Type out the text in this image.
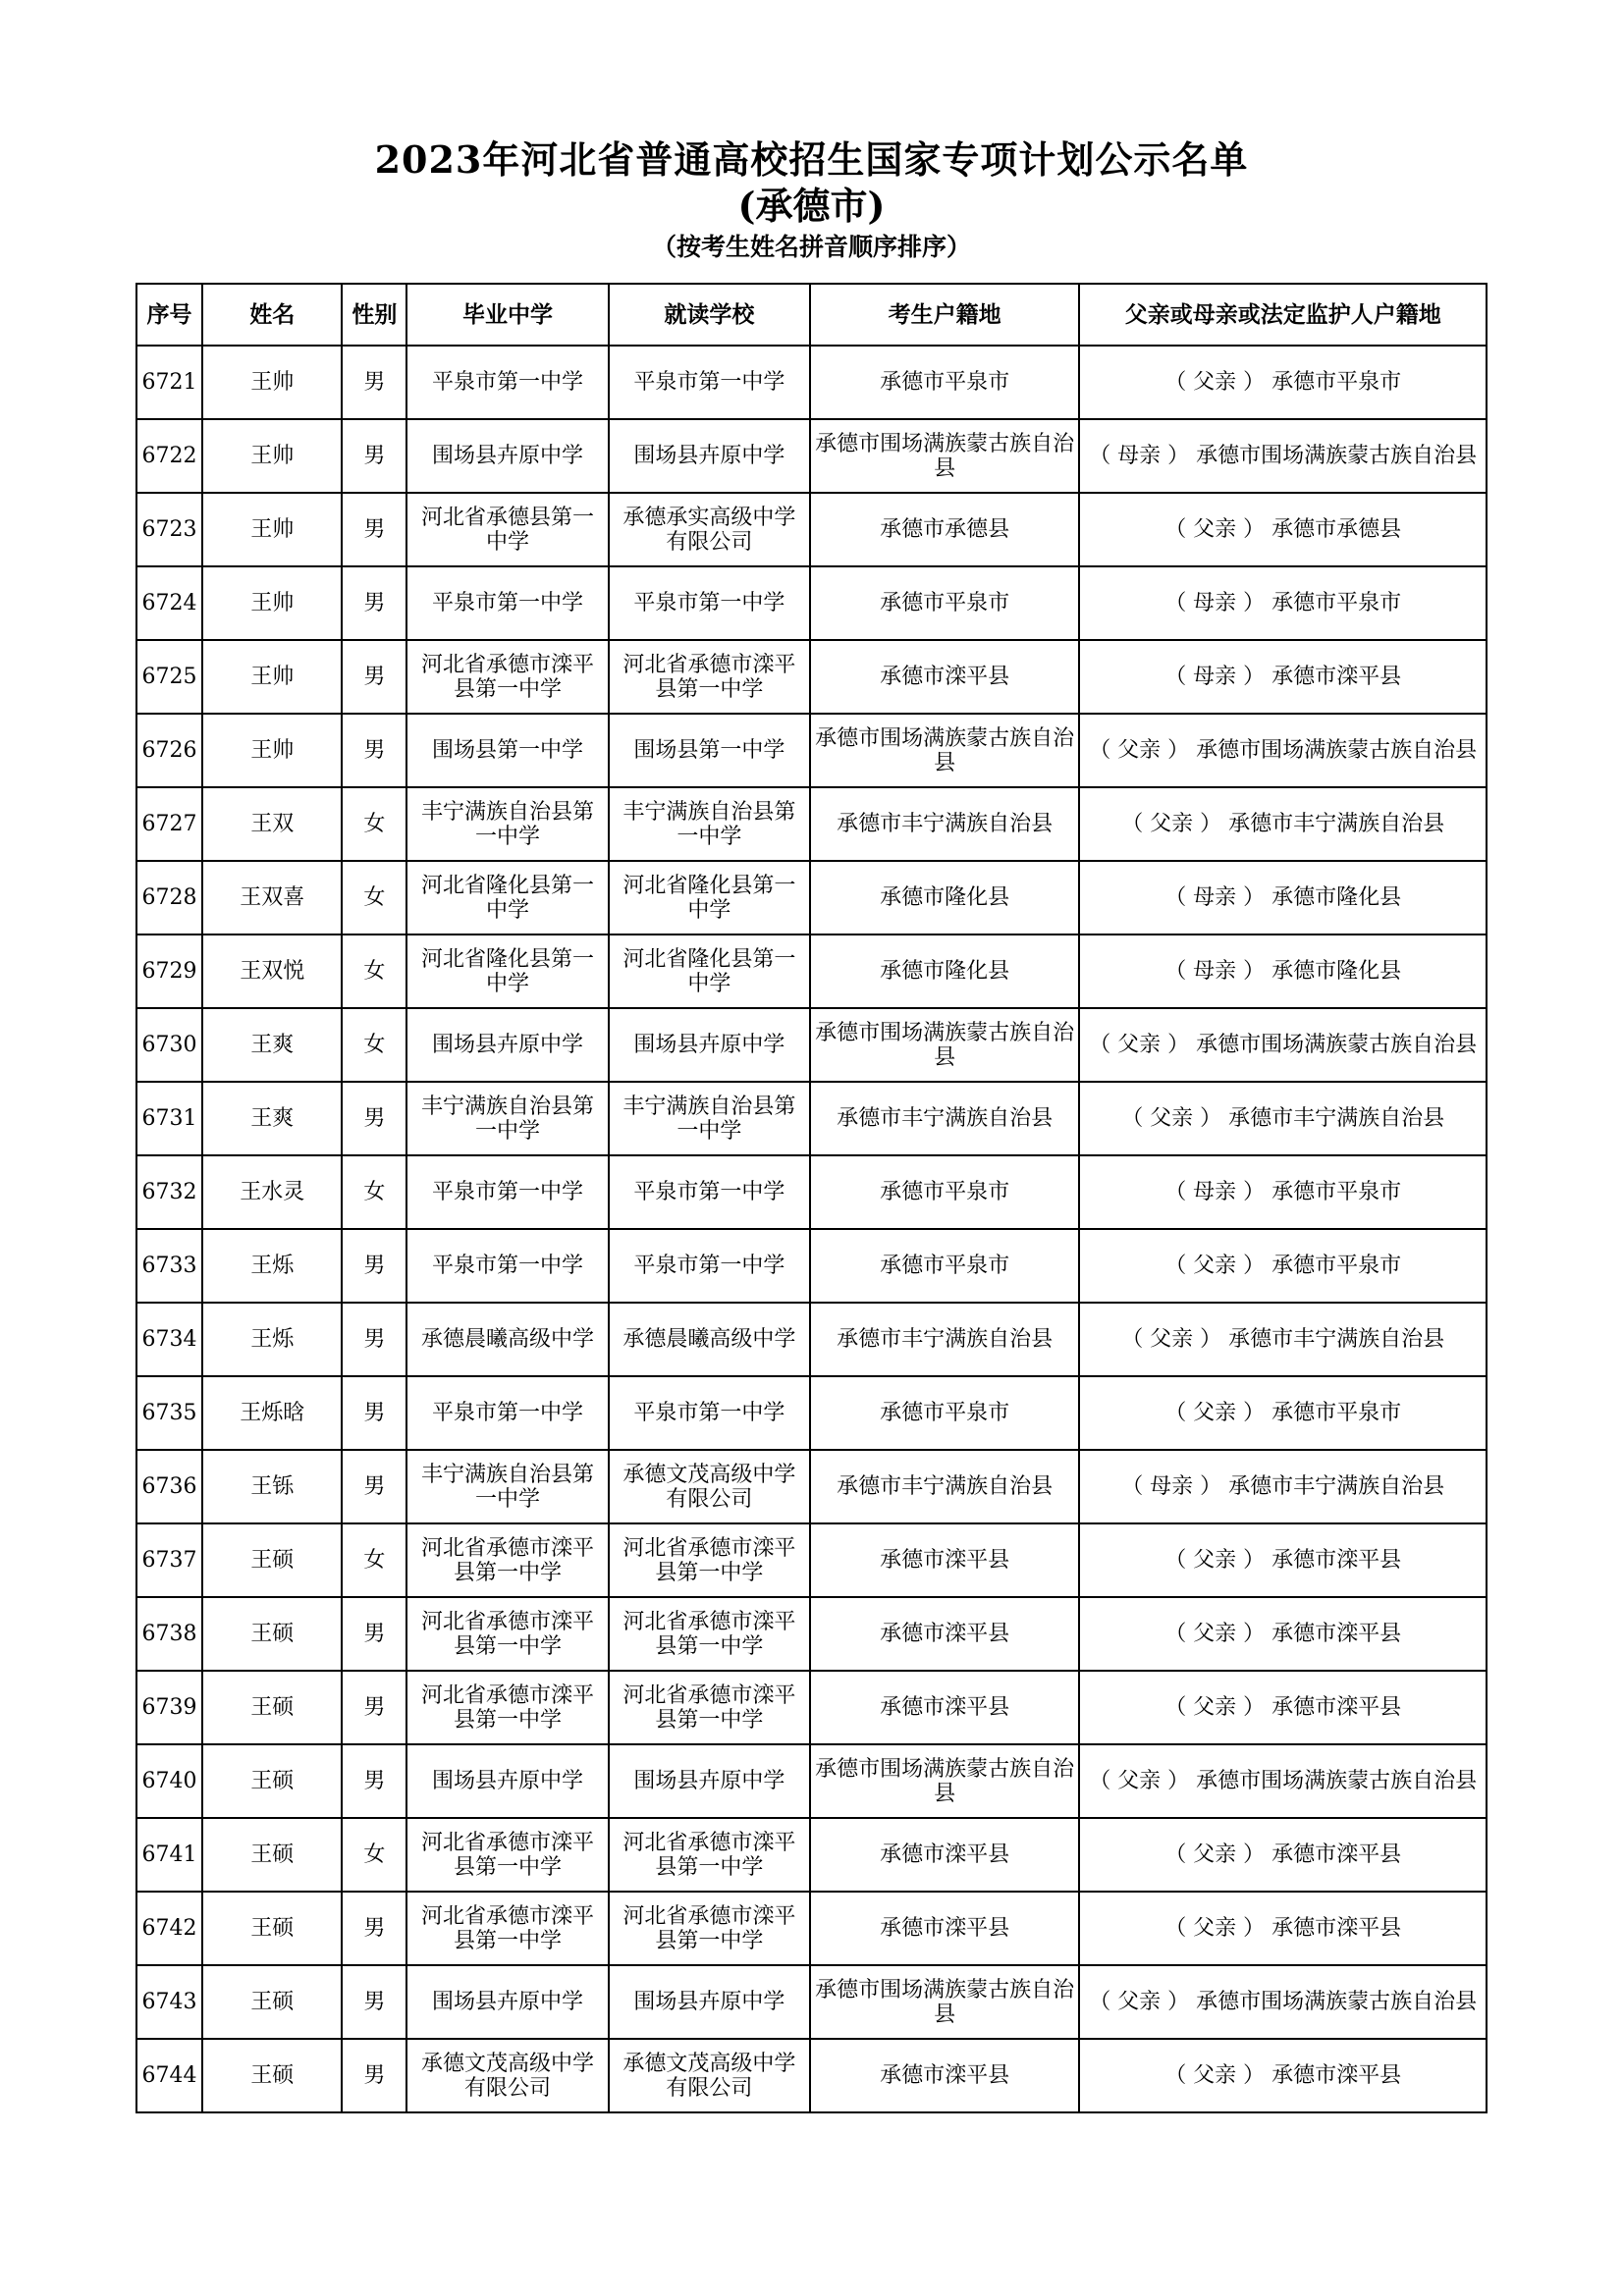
2023年河北省普通高校招生国家专项计划公示名单
(承德市)
（按考生姓名拼音顺序排序）
序号	姓名	性别	毕业中学	就读学校	考生户籍地	父亲或母亲或法定监护人户籍地
6721	王帅	男	平泉市第一中学	平泉市第一中学	承德市平泉市	（ 父亲 ） 承德市平泉市
6722	王帅	男	围场县卉原中学	围场县卉原中学	承德市围场满族蒙古族自治县	（ 母亲 ） 承德市围场满族蒙古族自治县
6723	王帅	男	河北省承德县第一中学	承德承实高级中学有限公司	承德市承德县	（ 父亲 ） 承德市承德县
6724	王帅	男	平泉市第一中学	平泉市第一中学	承德市平泉市	（ 母亲 ） 承德市平泉市
6725	王帅	男	河北省承德市滦平县第一中学	河北省承德市滦平县第一中学	承德市滦平县	（ 母亲 ） 承德市滦平县
6726	王帅	男	围场县第一中学	围场县第一中学	承德市围场满族蒙古族自治县	（ 父亲 ） 承德市围场满族蒙古族自治县
6727	王双	女	丰宁满族自治县第一中学	丰宁满族自治县第一中学	承德市丰宁满族自治县	（ 父亲 ） 承德市丰宁满族自治县
6728	王双喜	女	河北省隆化县第一中学	河北省隆化县第一中学	承德市隆化县	（ 母亲 ） 承德市隆化县
6729	王双悦	女	河北省隆化县第一中学	河北省隆化县第一中学	承德市隆化县	（ 母亲 ） 承德市隆化县
6730	王爽	女	围场县卉原中学	围场县卉原中学	承德市围场满族蒙古族自治县	（ 父亲 ） 承德市围场满族蒙古族自治县
6731	王爽	男	丰宁满族自治县第一中学	丰宁满族自治县第一中学	承德市丰宁满族自治县	（ 父亲 ） 承德市丰宁满族自治县
6732	王水灵	女	平泉市第一中学	平泉市第一中学	承德市平泉市	（ 母亲 ） 承德市平泉市
6733	王烁	男	平泉市第一中学	平泉市第一中学	承德市平泉市	（ 父亲 ） 承德市平泉市
6734	王烁	男	承德晨曦高级中学	承德晨曦高级中学	承德市丰宁满族自治县	（ 父亲 ） 承德市丰宁满族自治县
6735	王烁晗	男	平泉市第一中学	平泉市第一中学	承德市平泉市	（ 父亲 ） 承德市平泉市
6736	王铄	男	丰宁满族自治县第一中学	承德文茂高级中学有限公司	承德市丰宁满族自治县	（ 母亲 ） 承德市丰宁满族自治县
6737	王硕	女	河北省承德市滦平县第一中学	河北省承德市滦平县第一中学	承德市滦平县	（ 父亲 ） 承德市滦平县
6738	王硕	男	河北省承德市滦平县第一中学	河北省承德市滦平县第一中学	承德市滦平县	（ 父亲 ） 承德市滦平县
6739	王硕	男	河北省承德市滦平县第一中学	河北省承德市滦平县第一中学	承德市滦平县	（ 父亲 ） 承德市滦平县
6740	王硕	男	围场县卉原中学	围场县卉原中学	承德市围场满族蒙古族自治县	（ 父亲 ） 承德市围场满族蒙古族自治县
6741	王硕	女	河北省承德市滦平县第一中学	河北省承德市滦平县第一中学	承德市滦平县	（ 父亲 ） 承德市滦平县
6742	王硕	男	河北省承德市滦平县第一中学	河北省承德市滦平县第一中学	承德市滦平县	（ 父亲 ） 承德市滦平县
6743	王硕	男	围场县卉原中学	围场县卉原中学	承德市围场满族蒙古族自治县	（ 父亲 ） 承德市围场满族蒙古族自治县
6744	王硕	男	承德文茂高级中学有限公司	承德文茂高级中学有限公司	承德市滦平县	（ 父亲 ） 承德市滦平县
